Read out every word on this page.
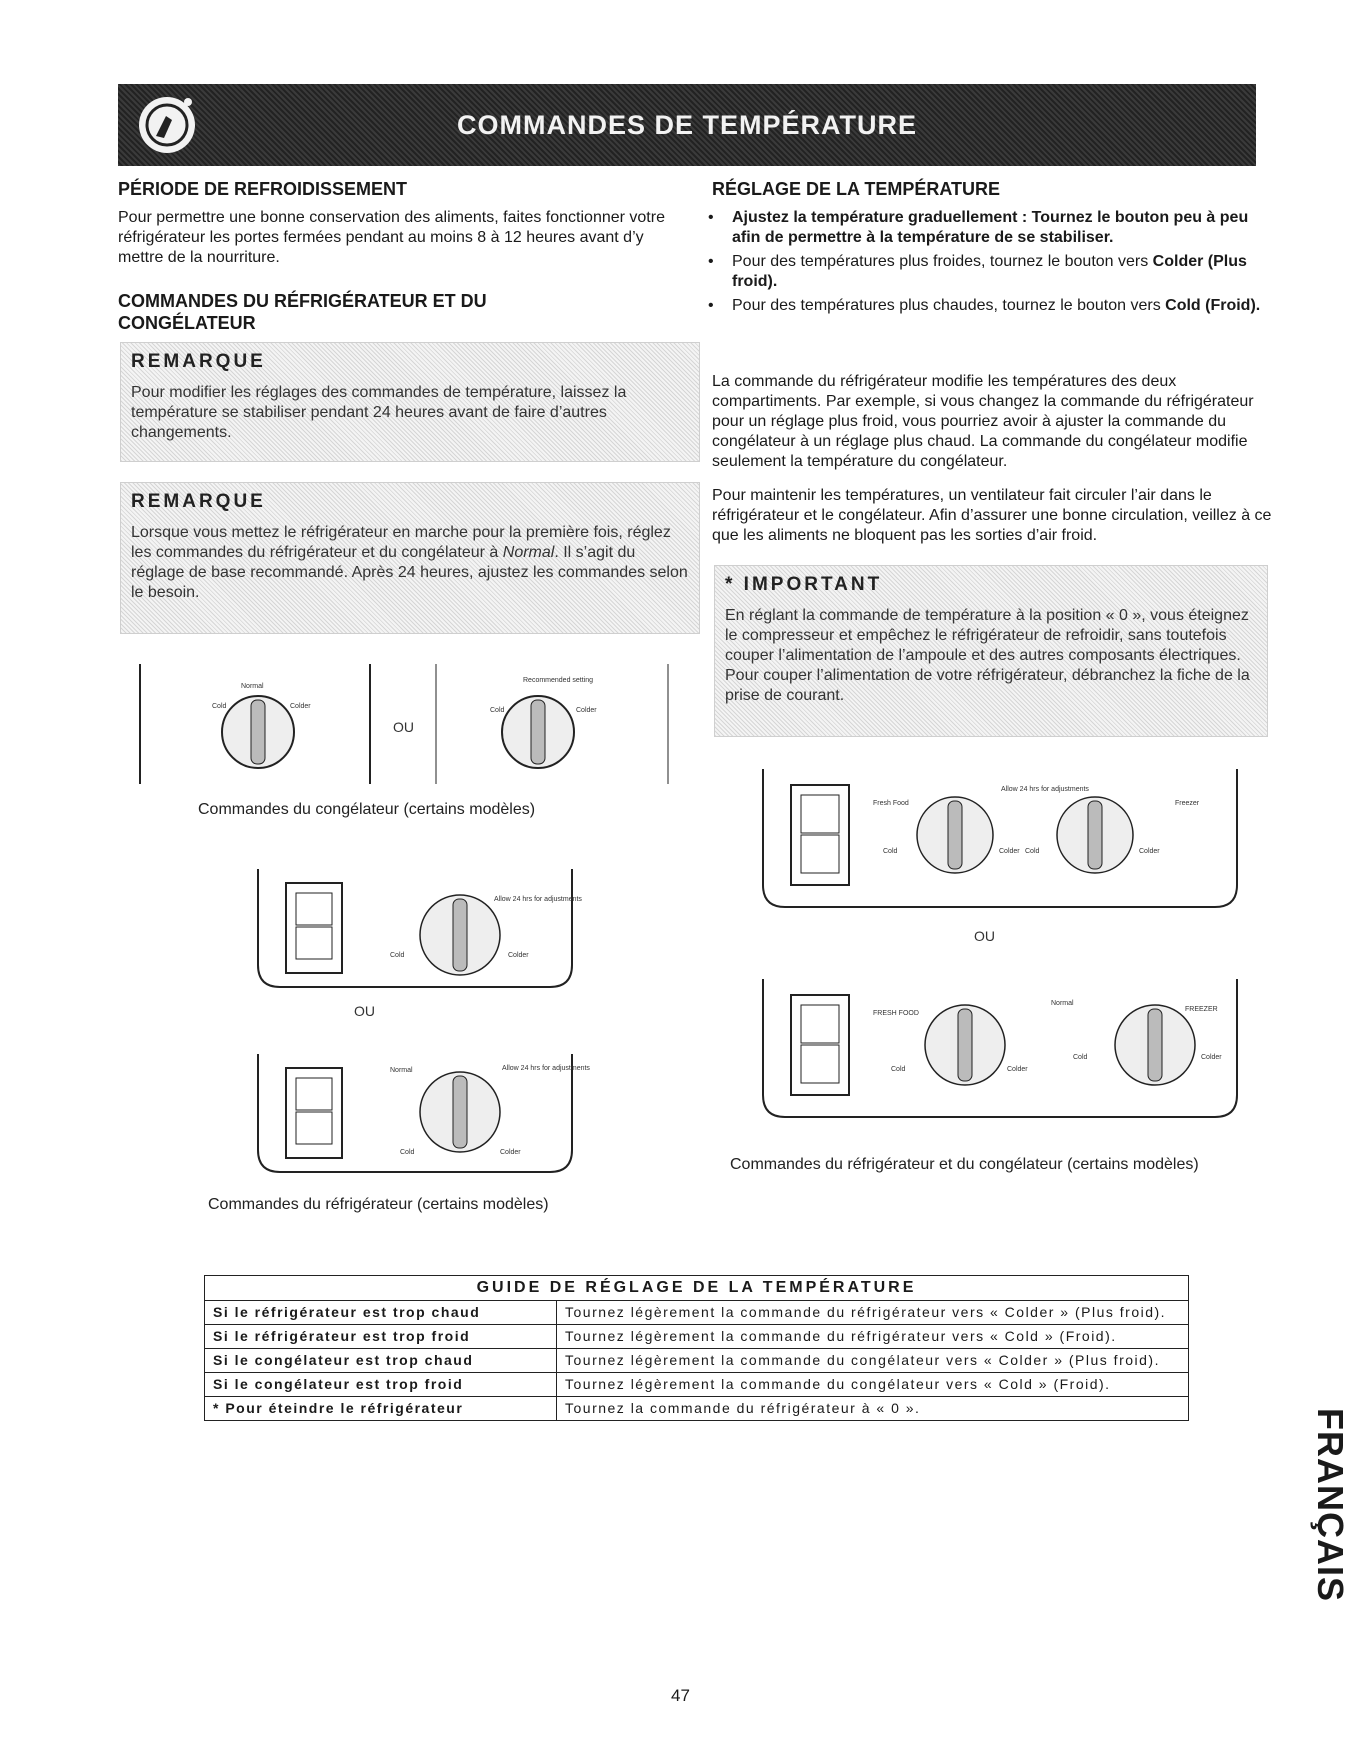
COMMANDES DE TEMPÉRATURE
PÉRIODE DE REFROIDISSEMENT

Pour permettre une bonne conservation des aliments, faites fonctionner votre réfrigérateur les portes fermées pendant au moins 8 à 12 heures avant d’y mettre de la nourriture.

COMMANDES DU RÉFRIGÉRATEUR ET DU CONGÉLATEUR
REMARQUE
Pour modifier les réglages des commandes de température, laissez la température se stabiliser pendant 24 heures avant de faire d’autres changements.
REMARQUE
Lorsque vous mettez le réfrigérateur en marche pour la première fois, réglez les commandes du réfrigérateur et du congélateur à Normal. Il s’agit du réglage de base recommandé. Après 24 heures, ajustez les commandes selon le besoin.
Normal
Cold	Colder
OU
Recommended setting
Cold	Colder
Commandes du congélateur (certains modèles)
Cold	Colder
Allow 24 hrs for adjustments
OU
Normal
Cold	Colder
Allow 24 hrs for adjustments
Commandes du réfrigérateur (certains modèles)
RÉGLAGE DE LA TEMPÉRATURE
• Ajustez la température graduellement : Tournez le bouton peu à peu afin de permettre à la température de se stabiliser.
• Pour des températures plus froides, tournez le bouton vers Colder (Plus froid).
• Pour des températures plus chaudes, tournez le bouton vers Cold (Froid).

La commande du réfrigérateur modifie les températures des deux compartiments. Par exemple, si vous changez la commande du réfrigérateur pour un réglage plus froid, vous pourriez avoir à ajuster la commande du congélateur à un réglage plus chaud. La commande du congélateur modifie seulement la température du congélateur.

Pour maintenir les températures, un ventilateur fait circuler l’air dans le réfrigérateur et le congélateur. Afin d’assurer une bonne circulation, veillez à ce que les aliments ne bloquent pas les sorties d’air froid.

* IMPORTANT
En réglant la commande de température à la position « 0 », vous éteignez le compresseur et empêchez le réfrigérateur de refroidir, sans toutefois couper l’alimentation de l’ampoule et des autres composants électriques. Pour couper l’alimentation de votre réfrigérateur, débranchez la fiche de la prise de courant.
Fresh Food
Cold	Colder Cold	Colder
Freezer
Allow 24 hrs for adjustments
OU
FRESH FOOD
Cold	Colder
Normal
Cold	Colder
FREEZER
Commandes du réfrigérateur et du congélateur (certains modèles)
GUIDE DE RÉGLAGE DE LA TEMPÉRATURE	
Si le réfrigérateur est trop chaud	Tournez légèrement la commande du réfrigérateur vers « Colder » (Plus froid).
Si le réfrigérateur est trop froid	Tournez légèrement la commande du réfrigérateur vers « Cold » (Froid).
Si le congélateur est trop chaud	Tournez légèrement la commande du congélateur vers « Colder » (Plus froid).
Si le congélateur est trop froid	Tournez légèrement la commande du congélateur vers « Cold » (Froid).
* Pour éteindre le réfrigérateur	Tournez la commande du réfrigérateur à « 0 ».	FRANÇAIS
47
